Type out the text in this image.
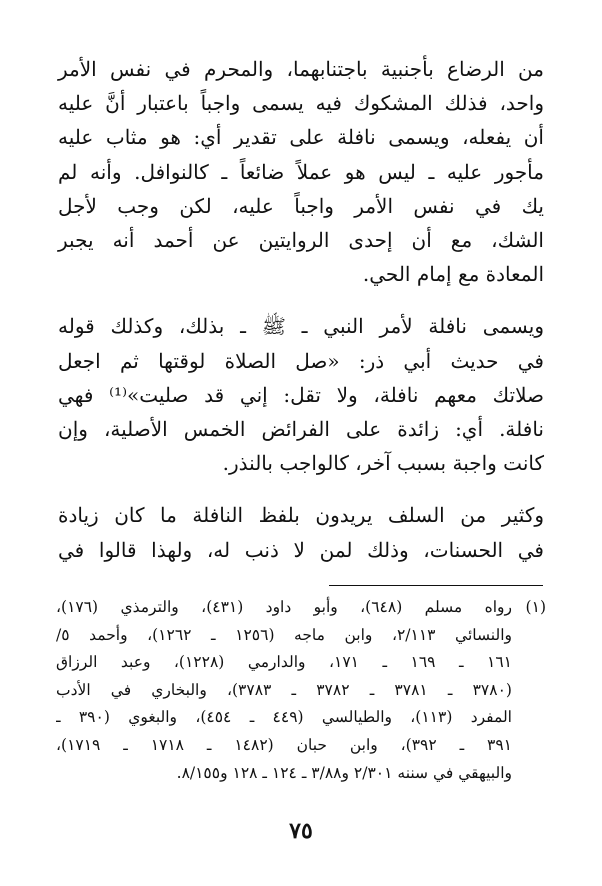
من الرضاع بأجنبية باجتنابهما، والمحرم في نفس الأمر
واحد، فذلك المشكوك فيه يسمى واجباً باعتبار أنَّ عليه
أن يفعله، ويسمى نافلة على تقدير أي: هو مثاب عليه
مأجور عليه ـ ليس هو عملاً ضائعاً ـ كالنوافل. وأنه لم
يك في نفس الأمر واجباً عليه، لكن وجب لأجل
الشك، مع أن إحدى الروايتين عن أحمد أنه يجبر
المعادة مع إمام الحي.
ويسمى نافلة لأمر النبي ـ ﷺ ـ بذلك، وكذلك قوله
في حديث أبي ذر: «صل الصلاة لوقتها ثم اجعل
صلاتك معهم نافلة، ولا تقل: إني قد صليت»⁽¹⁾ فهي
نافلة. أي: زائدة على الفرائض الخمس الأصلية، وإن
كانت واجبة بسبب آخر، كالواجب بالنذر.
وكثير من السلف يريدون بلفظ النافلة ما كان زيادة
في الحسنات، وذلك لمن لا ذنب له، ولهذا قالوا في
(١)
رواه مسلم (٦٤٨)، وأبو داود (٤٣١)، والترمذي (١٧٦)،
والنسائي ٢/١١٣، وابن ماجه (١٢٥٦ ـ ١٢٦٢)، وأحمد ٥/
١٦١ ـ ١٦٩ ـ ١٧١، والدارمي (١٢٢٨)، وعبد الرزاق
(٣٧٨٠ ـ ٣٧٨١ ـ ٣٧٨٢ ـ ٣٧٨٣)، والبخاري في الأدب
المفرد (١١٣)، والطيالسي (٤٤٩ ـ ٤٥٤)، والبغوي (٣٩٠ ـ
٣٩١ ـ ٣٩٢)، وابن حبان (١٤٨٢ ـ ١٧١٨ ـ ١٧١٩)،
والبيهقي في سننه ٢/٣٠١ و٣/٨٨ ـ ١٢٤ ـ ١٢٨ و٨/١٥٥.
٧٥
